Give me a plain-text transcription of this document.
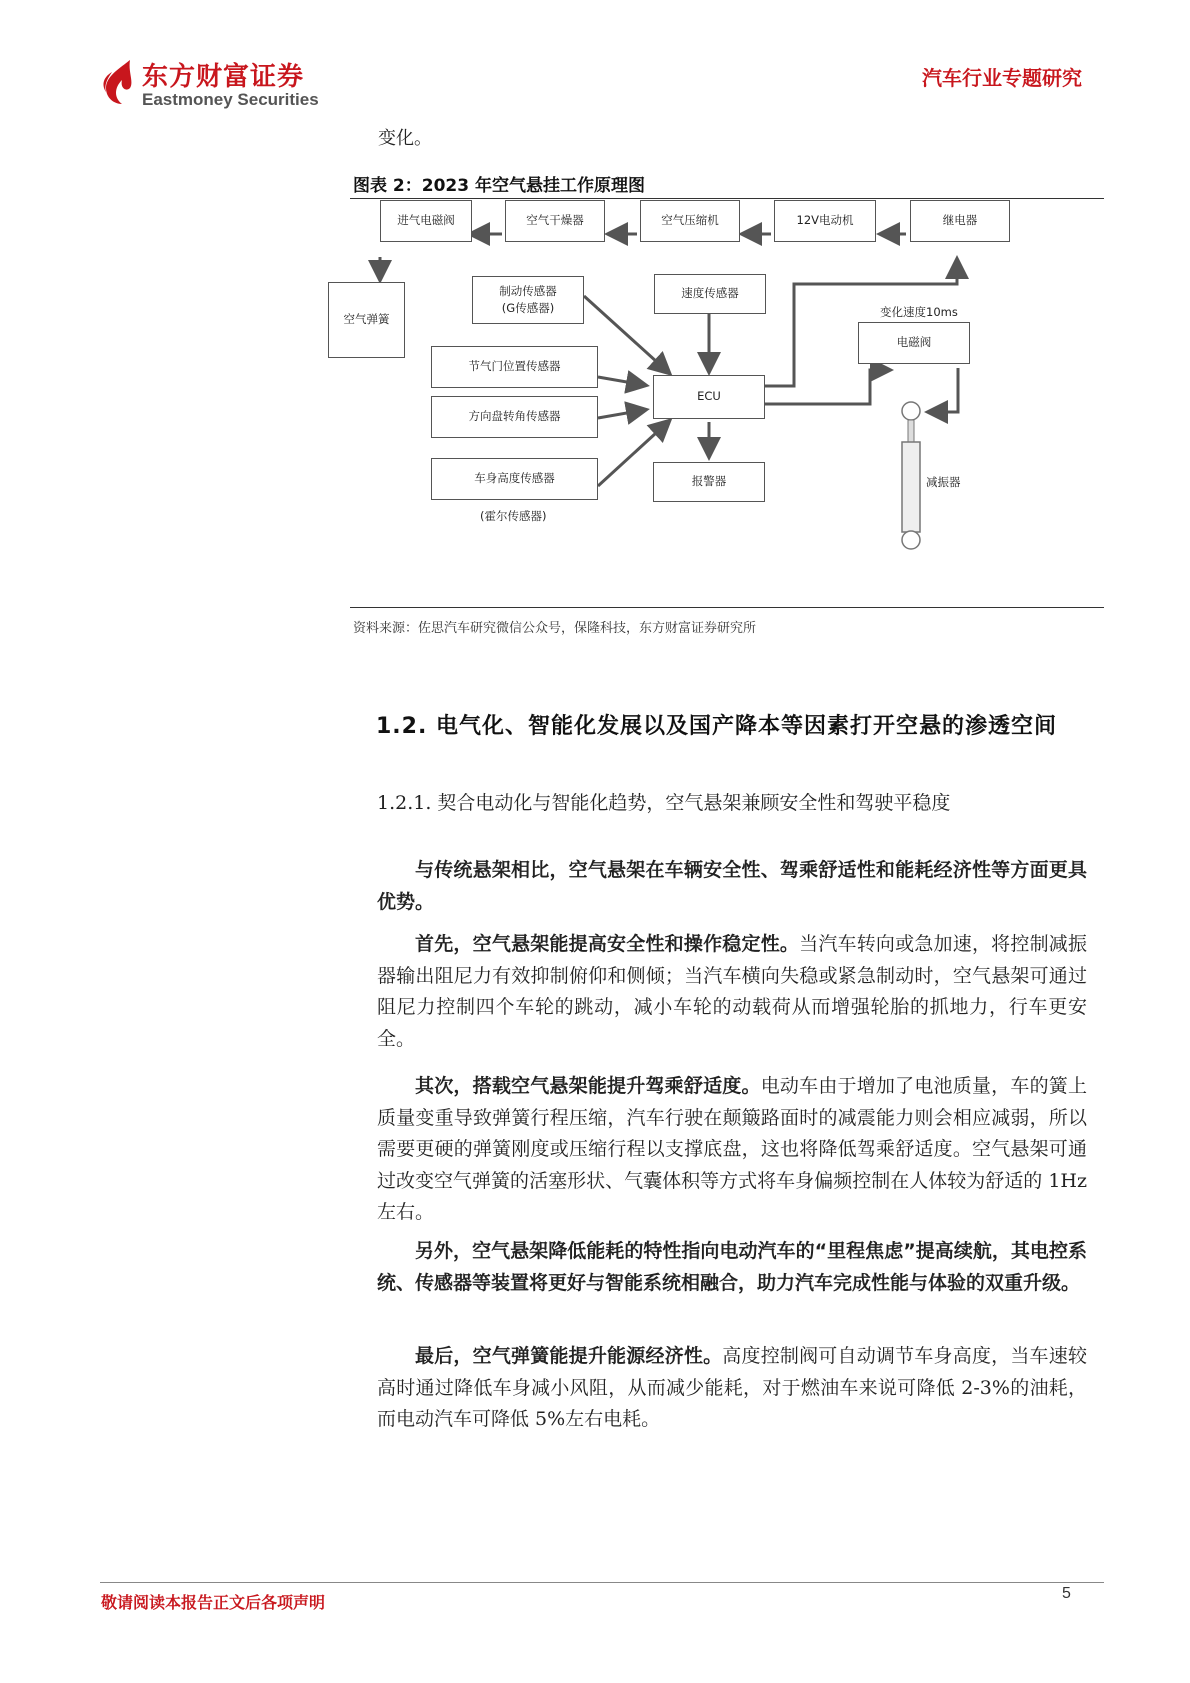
东方财富证券
Eastmoney Securities
汽车行业专题研究
变化。
图表 2：2023 年空气悬挂工作原理图
进气电磁阀	空气干燥器	空气压缩机	12V电动机	继电器
空气弹簧
制动传感器
(G传感器)
速度传感器
节气门位置传感器
方向盘转角传感器
ECU
报警器
车身高度传感器
(霍尔传感器)
变化速度10ms
电磁阀
减振器
资料来源：佐思汽车研究微信公众号，保隆科技，东方财富证券研究所
1.2. 电气化、智能化发展以及国产降本等因素打开空悬的渗透空间
1.2.1. 契合电动化与智能化趋势，空气悬架兼顾安全性和驾驶平稳度

与传统悬架相比，空气悬架在车辆安全性、驾乘舒适性和能耗经济性等方面更具优势。

首先，空气悬架能提高安全性和操作稳定性。当汽车转向或急加速，将控制减振器输出阻尼力有效抑制俯仰和侧倾；当汽车横向失稳或紧急制动时，空气悬架可通过阻尼力控制四个车轮的跳动，减小车轮的动载荷从而增强轮胎的抓地力，行车更安全。

其次，搭载空气悬架能提升驾乘舒适度。电动车由于增加了电池质量，车的簧上质量变重导致弹簧行程压缩，汽车行驶在颠簸路面时的减震能力则会相应减弱，所以需要更硬的弹簧刚度或压缩行程以支撑底盘，这也将降低驾乘舒适度。空气悬架可通过改变空气弹簧的活塞形状、气囊体积等方式将车身偏频控制在人体较为舒适的 1Hz 左右。

另外，空气悬架降低能耗的特性指向电动汽车的“里程焦虑”提高续航，其电控系统、传感器等装置将更好与智能系统相融合，助力汽车完成性能与体验的双重升级。

最后，空气弹簧能提升能源经济性。高度控制阀可自动调节车身高度，当车速较高时通过降低车身减小风阻，从而减少能耗，对于燃油车来说可降低 2-3%的油耗，而电动汽车可降低 5%左右电耗。

敬请阅读本报告正文后各项声明	5
